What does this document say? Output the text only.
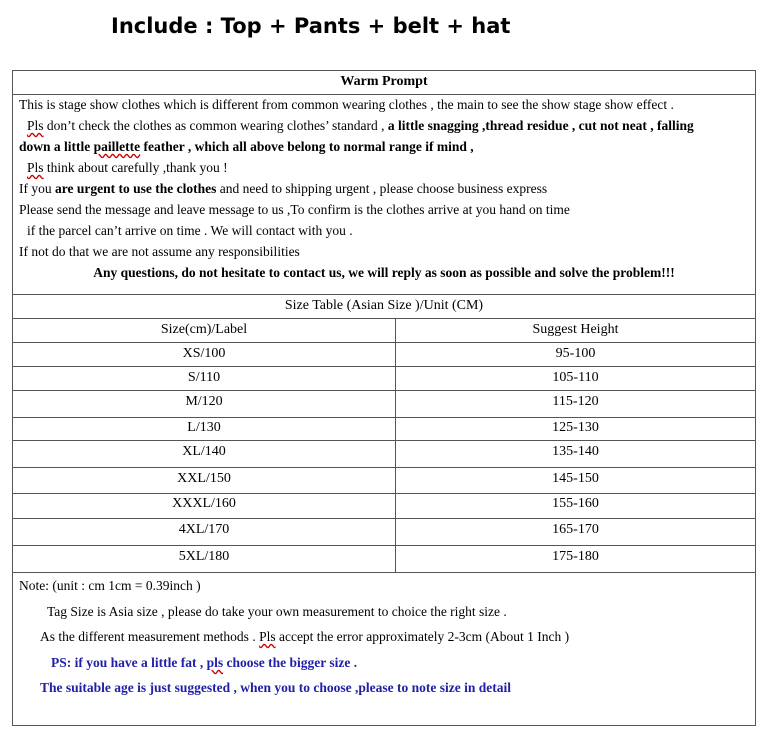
Include : Top + Pants + belt + hat
Warm Prompt
This is stage show clothes which is different from common wearing clothes , the main to see the show stage show effect .
Pls don’t check the clothes as common wearing clothes’ standard , a little snagging ,thread residue , cut not neat , falling
down a little paillette feather , which all above belong to normal range if mind ,
Pls think about carefully ,thank you !
If you are urgent to use the clothes and need to shipping urgent , please choose business express
Please send the message and leave message to us ,To confirm is the clothes arrive at you hand on time
if the parcel can’t arrive on time . We will contact with you .
If not do that we are not assume any responsibilities
Any questions, do not hesitate to contact us, we will reply as soon as possible and solve the problem!!!
Size Table (Asian Size )/Unit (CM)
Size(cm)/Label	Suggest Height
XS/100	95-100
S/110	105-110
M/120	115-120
L/130	125-130
XL/140	135-140
XXL/150	145-150
XXXL/160	155-160
4XL/170	165-170
5XL/180	175-180
Note: (unit : cm 1cm = 0.39inch )
Tag Size is Asia size , please do take your own measurement to choice the right size .
As the different measurement methods . Pls accept the error approximately 2-3cm (About 1 Inch )
PS: if you have a little fat , pls choose the bigger size .
The suitable age is just suggested , when you to choose ,please to note size in detail
